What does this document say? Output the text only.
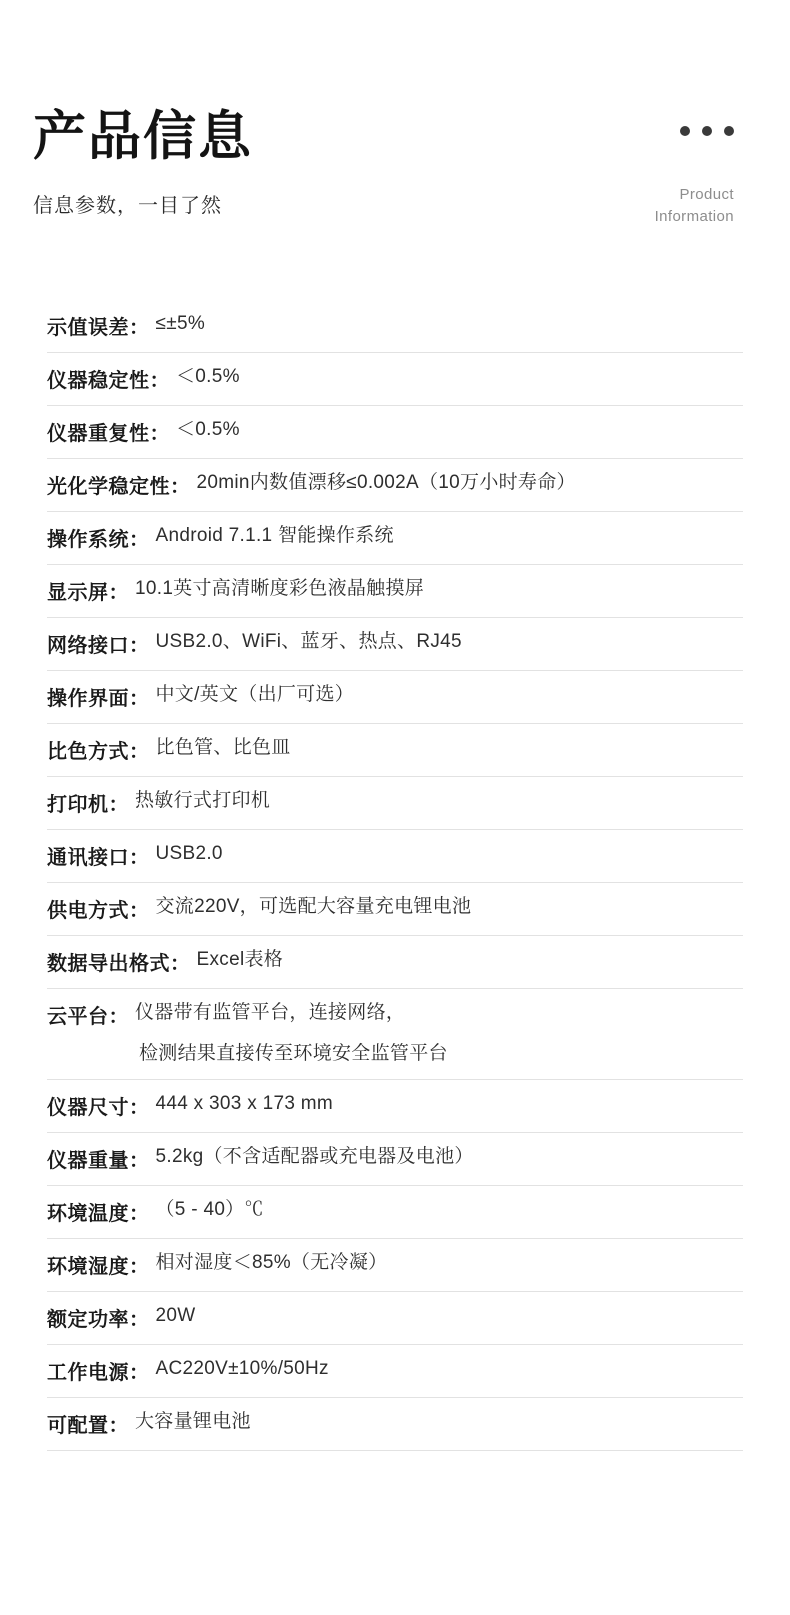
产品信息
信息参数，一目了然
Product
Information
示值误差： ≤±5%
仪器稳定性： ＜0.5%
仪器重复性： ＜0.5%
光化学稳定性： 20min内数值漂移≤0.002A（10万小时寿命）
操作系统： Android 7.1.1 智能操作系统
显示屏： 10.1英寸高清晰度彩色液晶触摸屏
网络接口： USB2.0、WiFi、蓝牙、热点、RJ45
操作界面： 中文/英文（出厂可选）
比色方式： 比色管、比色皿
打印机： 热敏行式打印机
通讯接口： USB2.0
供电方式： 交流220V，可选配大容量充电锂电池
数据导出格式： Excel表格
云平台： 仪器带有监管平台，连接网络，
检测结果直接传至环境安全监管平台
仪器尺寸： 444 x 303 x 173 mm
仪器重量： 5.2kg（不含适配器或充电器及电池）
环境温度： （5 - 40）℃
环境湿度： 相对湿度＜85%（无冷凝）
额定功率： 20W
工作电源： AC220V±10%/50Hz
可配置： 大容量锂电池
